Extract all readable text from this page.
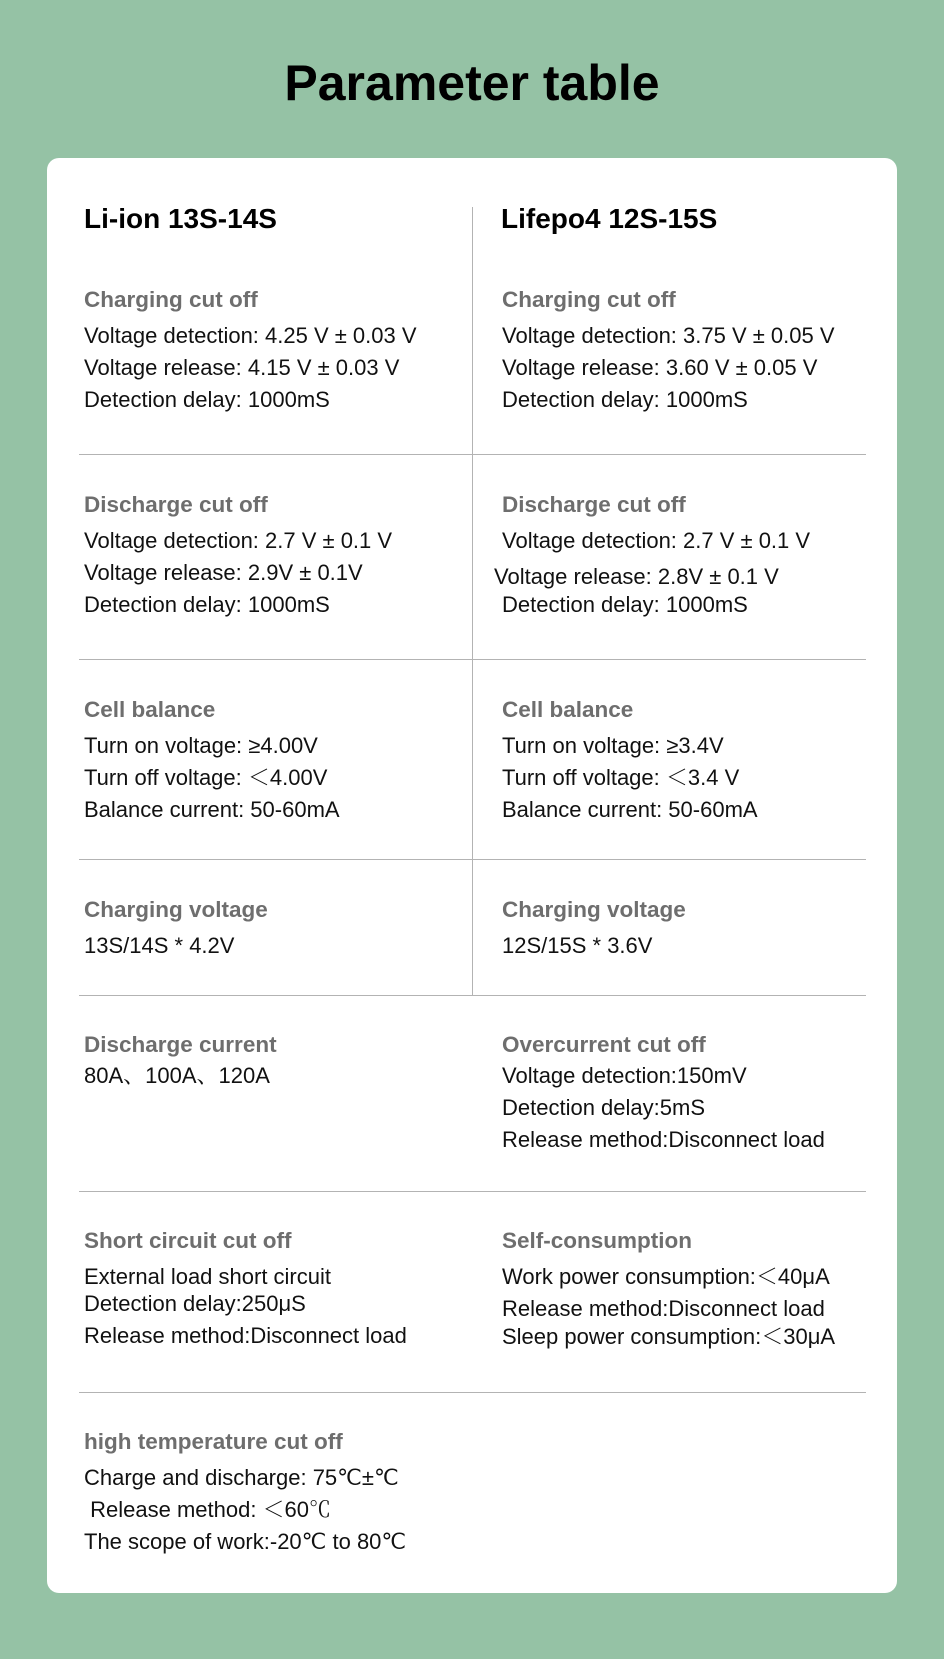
Parameter table
Li-ion 13S-14S	Lifepo4 12S-15S
Charging cut off
Voltage detection: 4.25 V ± 0.03 V
Voltage release: 4.15 V ± 0.03 V
Detection delay: 1000mS
Charging cut off
Voltage detection: 3.75 V ± 0.05 V
Voltage release: 3.60 V ± 0.05 V
Detection delay: 1000mS
Discharge cut off
Voltage detection: 2.7 V ± 0.1 V
Voltage release: 2.9V ± 0.1V
Detection delay: 1000mS
Discharge cut off
Voltage detection: 2.7 V ± 0.1 V
Voltage release: 2.8V ± 0.1 V
Detection delay: 1000mS
Cell balance
Turn on voltage: ≥4.00V
Turn off voltage: ＜4.00V
Balance current: 50-60mA
Cell balance
Turn on voltage: ≥3.4V
Turn off voltage: ＜3.4 V
Balance current: 50-60mA
Charging voltage
13S/14S * 4.2V
Charging voltage
12S/15S * 3.6V
Discharge current
80A、100A、120A
Overcurrent cut off
Voltage detection:150mV
Detection delay:5mS
Release method:Disconnect load
Short circuit cut off
External load short circuit
Detection delay:250μS
Release method:Disconnect load
Self-consumption
Work power consumption:＜40μA
Release method:Disconnect load
Sleep power consumption:＜30μA
high temperature cut off
Charge and discharge: 75℃±℃
Release method: ＜60℃
The scope of work:-20℃ to 80℃
